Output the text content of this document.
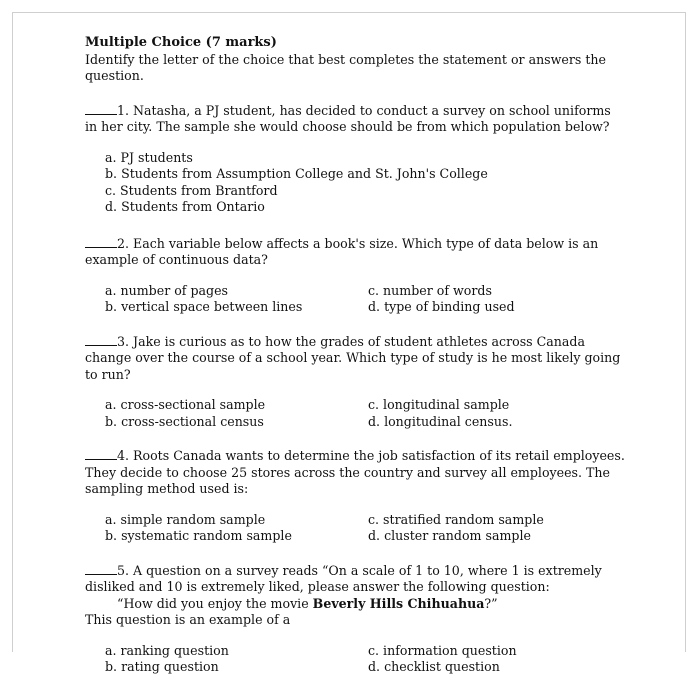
Multiple Choice (7 marks)
Identify the letter of the choice that best completes the statement or answers the question.
1. Natasha, a PJ student, has decided to conduct a survey on school uniforms in her city. The sample she would choose should be from which population below?
a. PJ students
b. Students from Assumption College and St. John's College
c. Students from Brantford
d. Students from Ontario
2. Each variable below affects a book's size. Which type of data below is an example of continuous data?
a. number of pages	c. number of words
b. vertical space between lines	d. type of binding used
3. Jake is curious as to how the grades of student athletes across Canada change over the course of a school year. Which type of study is he most likely going to run?
a. cross-sectional sample	c. longitudinal sample
b. cross-sectional census	d. longitudinal census.
4. Roots Canada wants to determine the job satisfaction of its retail employees. They decide to choose 25 stores across the country and survey all employees. The sampling method used is:
a. simple random sample	c. stratified random sample
b. systematic random sample	d. cluster random sample
5. A question on a survey reads “On a scale of 1 to 10, where 1 is extremely disliked and 10 is extremely liked, please answer the following question:
“How did you enjoy the movie Beverly Hills Chihuahua?”
This question is an example of a
a. ranking question	c. information question
b. rating question	d. checklist question
